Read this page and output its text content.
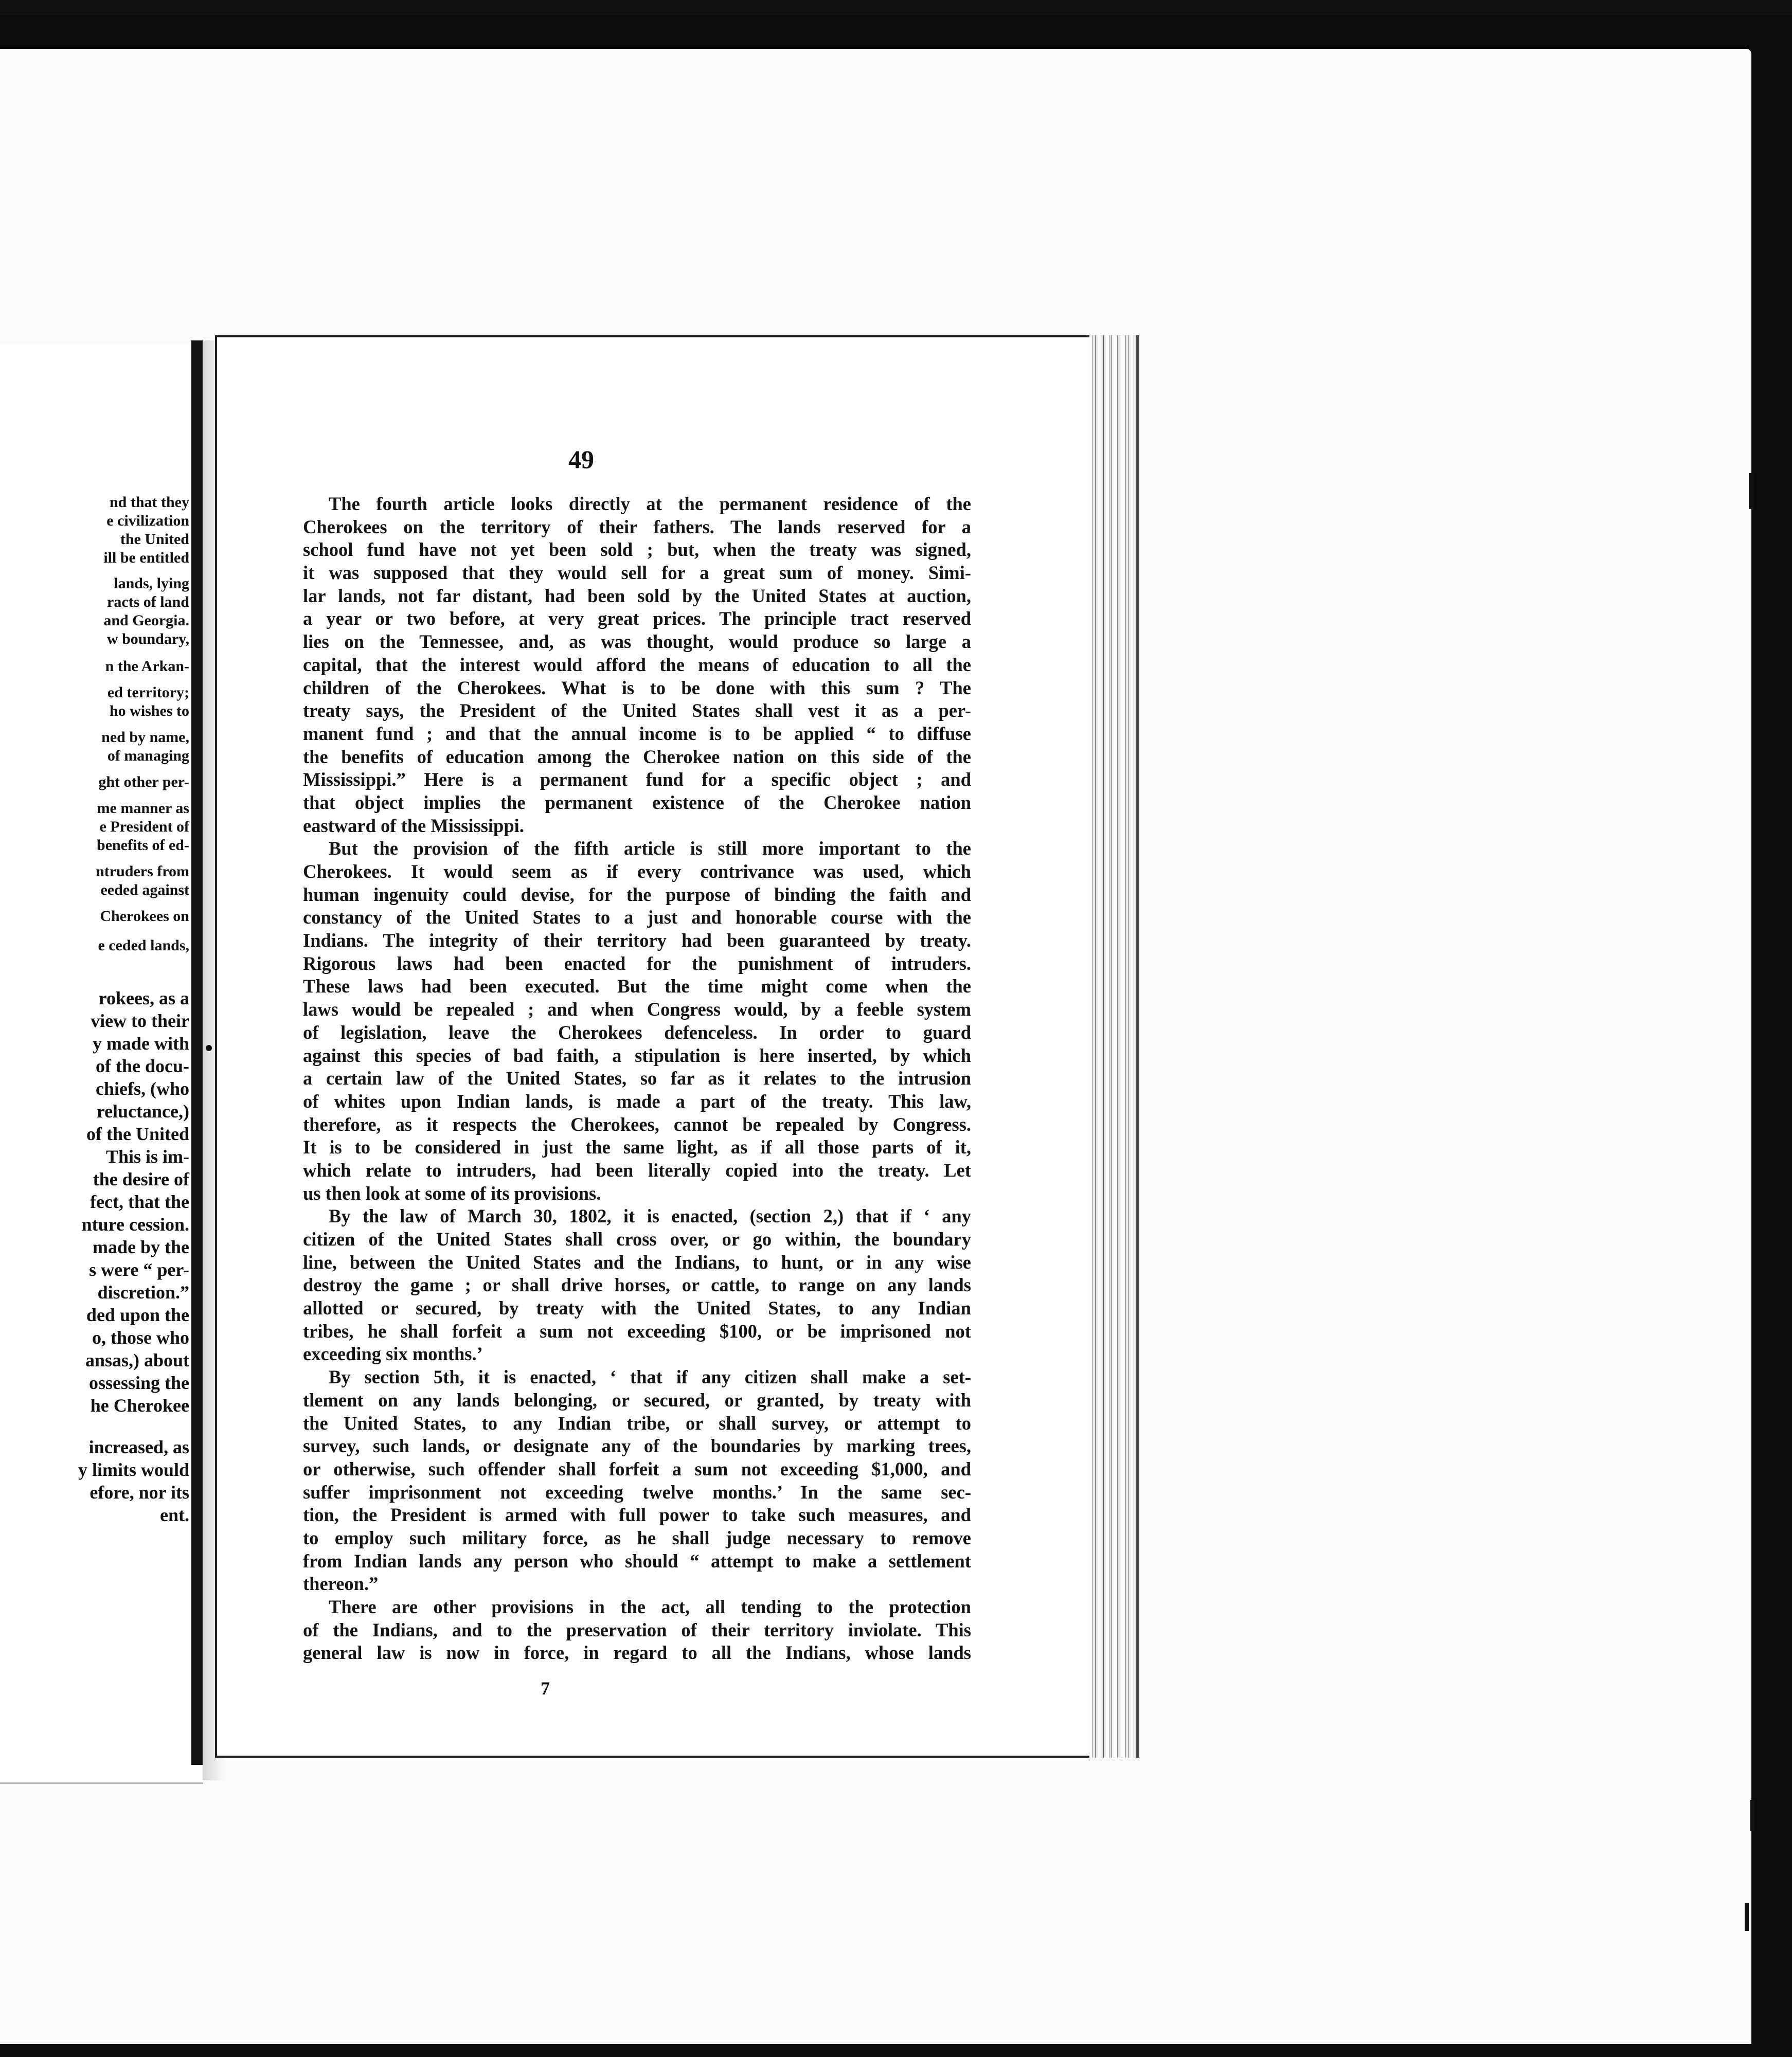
nd that they
e civilization
the United
ill be entitled
lands, lying
racts of land
and Georgia.
w boundary,
n the Arkan-
ed territory;
ho wishes to
ned by name,
of managing
ght other per-
me manner as
e President of
benefits of ed-
ntruders from
eeded against
Cherokees on
e ceded lands,
rokees, as a
view to their
y made with
of the docu-
chiefs, (who
reluctance,)
of the United
This is im-
the desire of
fect, that the
nture cession.
made by the
s were “ per-
discretion.”
ded upon the
o, those who
ansas,) about
ossessing the
he Cherokee
increased, as
y limits would
efore, nor its
ent.
49
The fourth article looks directly at the permanent residence of the
Cherokees on the territory of their fathers. The lands reserved for a
school fund have not yet been sold ; but, when the treaty was signed,
it was supposed that they would sell for a great sum of money. Simi-
lar lands, not far distant, had been sold by the United States at auction,
a year or two before, at very great prices. The principle tract reserved
lies on the Tennessee, and, as was thought, would produce so large a
capital, that the interest would afford the means of education to all the
children of the Cherokees. What is to be done with this sum ? The
treaty says, the President of the United States shall vest it as a per-
manent fund ; and that the annual income is to be applied “ to diffuse
the benefits of education among the Cherokee nation on this side of the
Mississippi.” Here is a permanent fund for a specific object ; and
that object implies the permanent existence of the Cherokee nation
eastward of the Mississippi.
But the provision of the fifth article is still more important to the
Cherokees. It would seem as if every contrivance was used, which
human ingenuity could devise, for the purpose of binding the faith and
constancy of the United States to a just and honorable course with the
Indians. The integrity of their territory had been guaranteed by treaty.
Rigorous laws had been enacted for the punishment of intruders.
These laws had been executed. But the time might come when the
laws would be repealed ; and when Congress would, by a feeble system
of legislation, leave the Cherokees defenceless. In order to guard
against this species of bad faith, a stipulation is here inserted, by which
a certain law of the United States, so far as it relates to the intrusion
of whites upon Indian lands, is made a part of the treaty. This law,
therefore, as it respects the Cherokees, cannot be repealed by Congress.
It is to be considered in just the same light, as if all those parts of it,
which relate to intruders, had been literally copied into the treaty. Let
us then look at some of its provisions.
By the law of March 30, 1802, it is enacted, (section 2,) that if ‘ any
citizen of the United States shall cross over, or go within, the boundary
line, between the United States and the Indians, to hunt, or in any wise
destroy the game ; or shall drive horses, or cattle, to range on any lands
allotted or secured, by treaty with the United States, to any Indian
tribes, he shall forfeit a sum not exceeding $100, or be imprisoned not
exceeding six months.’
By section 5th, it is enacted, ‘ that if any citizen shall make a set-
tlement on any lands belonging, or secured, or granted, by treaty with
the United States, to any Indian tribe, or shall survey, or attempt to
survey, such lands, or designate any of the boundaries by marking trees,
or otherwise, such offender shall forfeit a sum not exceeding $1,000, and
suffer imprisonment not exceeding twelve months.’ In the same sec-
tion, the President is armed with full power to take such measures, and
to employ such military force, as he shall judge necessary to remove
from Indian lands any person who should “ attempt to make a settlement
thereon.”
There are other provisions in the act, all tending to the protection
of the Indians, and to the preservation of their territory inviolate. This
general law is now in force, in regard to all the Indians, whose lands
7
